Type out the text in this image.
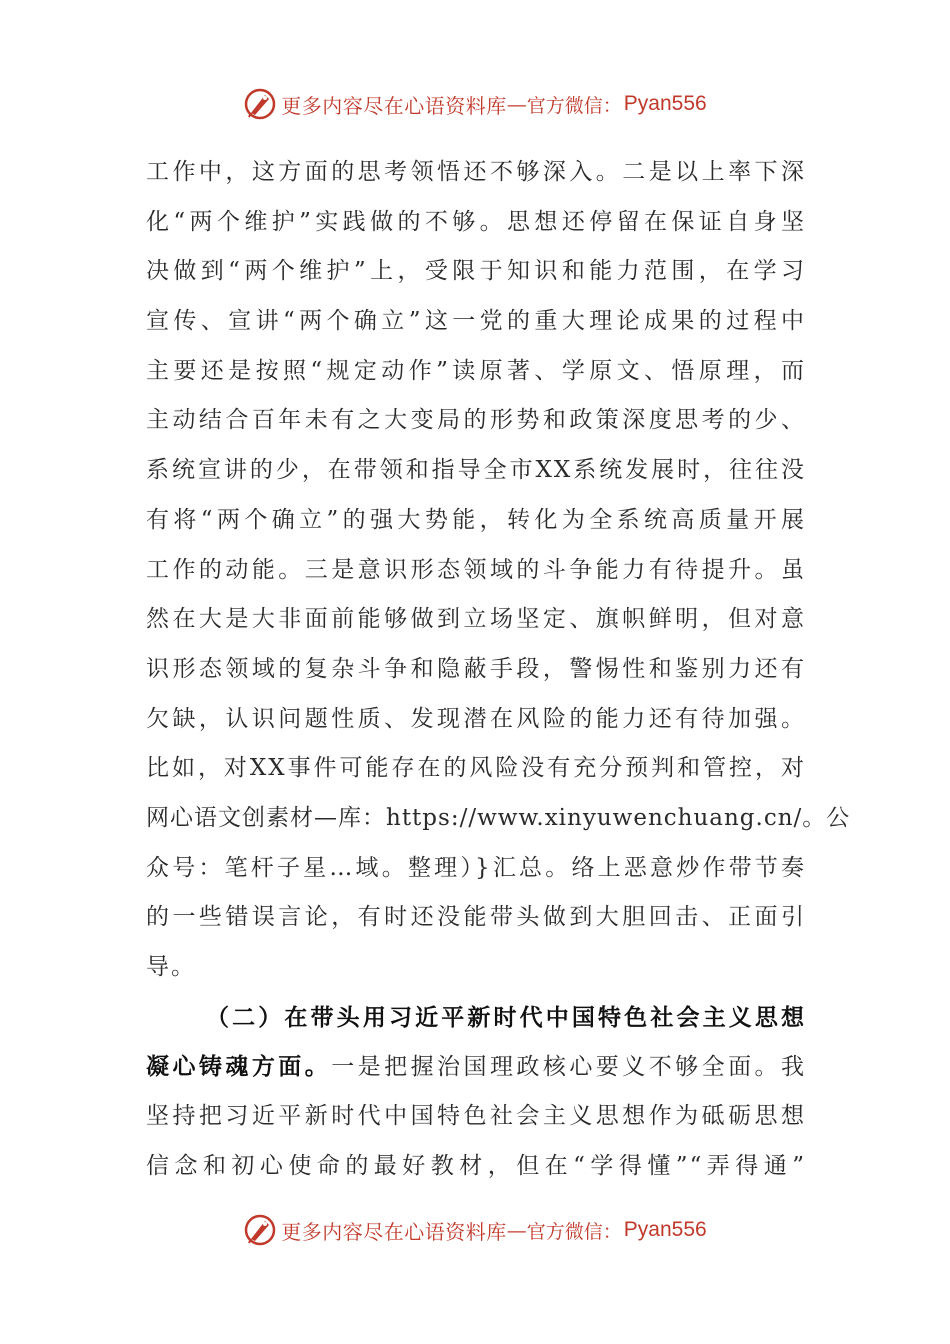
更多内容尽在心语资料库 — 官方微信： Pyan556
工作中，这方面的思考领悟还不够深入。二是以上率下深
化“两个维护”实践做的不够。思想还停留在保证自身坚
决做到“两个维护”上，受限于知识和能力范围，在学习
宣传、宣讲“两个确立”这一党的重大理论成果的过程中
主要还是按照“规定动作”读原著、学原文、悟原理，而
主动结合百年未有之大变局的形势和政策深度思考的少、
系统宣讲的少，在带领和指导全市XX系统发展时，往往没
有将“两个确立”的强大势能，转化为全系统高质量开展
工作的动能。三是意识形态领域的斗争能力有待提升。虽
然在大是大非面前能够做到立场坚定、旗帜鲜明，但对意
识形态领域的复杂斗争和隐蔽手段，警惕性和鉴别力还有
欠缺，认识问题性质、发现潜在风险的能力还有待加强。
比如，对XX事件可能存在的风险没有充分预判和管控，对
网心语文创素材—库：https://www.xinyuwenchuang.cn/。公
众号：笔杆子星…域。整理）}汇总。络上恶意炒作带节奏
的一些错误言论，有时还没能带头做到大胆回击、正面引
导。
（二）在带头用习近平新时代中国特色社会主义思想
凝心铸魂方面。一是把握治国理政核心要义不够全面。我
坚持把习近平新时代中国特色社会主义思想作为砥砺思想
信念和初心使命的最好教材，但在“学得懂”“弄得通”
更多内容尽在心语资料库 — 官方微信： Pyan556
